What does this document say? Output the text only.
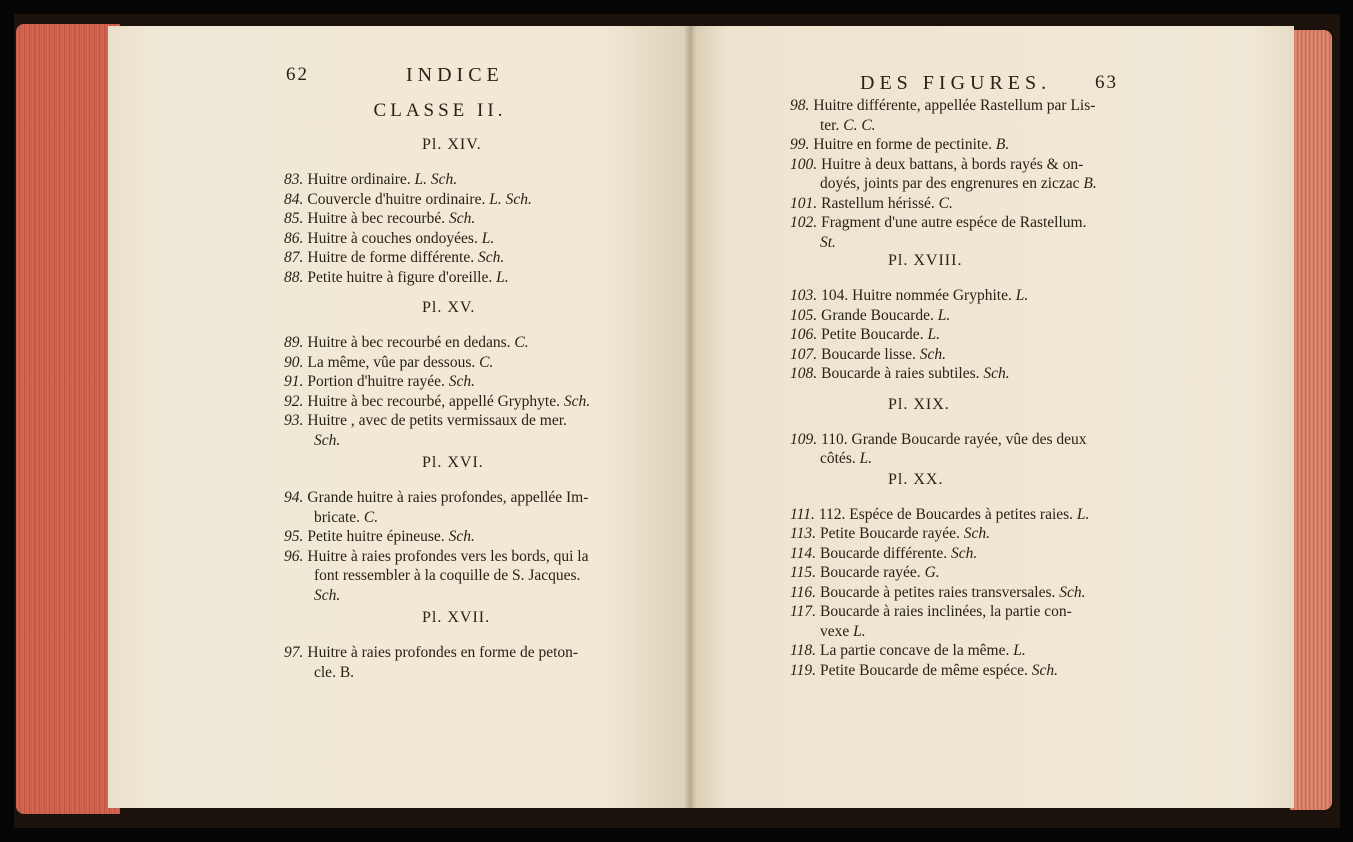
62	INDICE
CLASSE II.
Pl. XIV.
83. Huitre ordinaire. L. Sch.
84. Couvercle d'huitre ordinaire. L. Sch.
85. Huitre à bec recourbé. Sch.
86. Huitre à couches ondoyées. L.
87. Huitre de forme différente. Sch.
88. Petite huitre à figure d'oreille. L.
Pl. XV.
89. Huitre à bec recourbé en dedans. C.
90. La même, vûe par dessous. C.
91. Portion d'huitre rayée. Sch.
92. Huitre à bec recourbé, appellé Gryphyte. Sch.
93. Huitre , avec de petits vermissaux de mer.
Sch.
Pl. XVI.
94. Grande huitre à raies profondes, appellée Im-
bricate. C.
95. Petite huitre épineuse. Sch.
96. Huitre à raies profondes vers les bords, qui la
font ressembler à la coquille de S. Jacques.
Sch.
Pl. XVII.
97. Huitre à raies profondes en forme de peton-
cle. B.
98. Huitre différente, appellée Rastellum par Lis-
ter. C. C.
99. Huitre en forme de pectinite. B.
100. Huitre à deux battans, à bords rayés & on-
doyés, joints par des engrenures en ziczac B.
101. Rastellum hérissé. C.
102. Fragment d'une autre espéce de Rastellum.
St.
Pl. XVIII.
103. 104. Huitre nommée Gryphite. L.
105. Grande Boucarde. L.
106. Petite Boucarde. L.
107. Boucarde lisse. Sch.
108. Boucarde à raies subtiles. Sch.
Pl. XIX.
109. 110. Grande Boucarde rayée, vûe des deux
côtés. L.
Pl. XX.
111. 112. Espéce de Boucardes à petites raies. L.
113. Petite Boucarde rayée. Sch.
114. Boucarde différente. Sch.
115. Boucarde rayée. G.
116. Boucarde à petites raies transversales. Sch.
117. Boucarde à raies inclinées, la partie con-
vexe L.
118. La partie concave de la même. L.
119. Petite Boucarde de même espéce. Sch.
DES FIGURES. 63
